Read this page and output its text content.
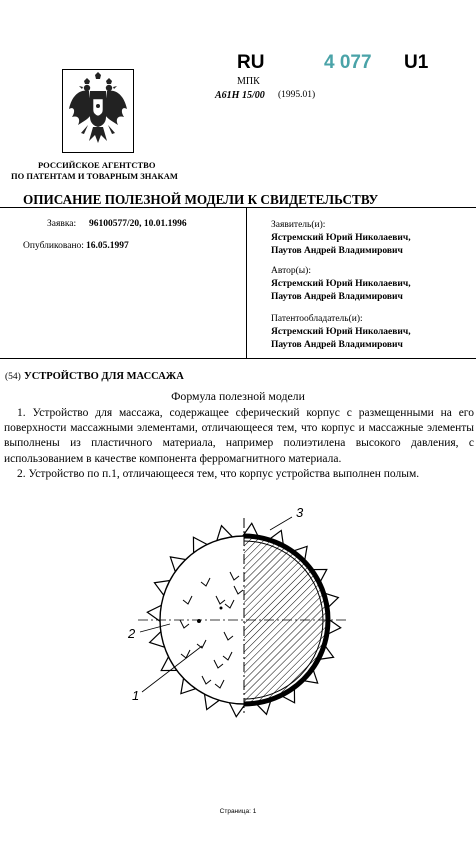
RU	4 077 U1
МПК
A61H 15/00 (1995.01)
РОССИЙСКОЕ АГЕНТСТВО
ПО ПАТЕНТАМ И ТОВАРНЫМ ЗНАКАМ
ОПИСАНИЕ ПОЛЕЗНОЙ МОДЕЛИ К СВИДЕТЕЛЬСТВУ
Заявка: 96100577/20, 10.01.1996
Опубликовано: 16.05.1997
Заявитель(и):
Ястремский Юрий Николаевич,
Паутов Андрей Владимирович
Автор(ы):
Ястремский Юрий Николаевич,
Паутов Андрей Владимирович
Патентообладатель(и):
Ястремский Юрий Николаевич,
Паутов Андрей Владимирович
(54) УСТРОЙСТВО ДЛЯ МАССАЖА
Формула полезной модели

1. Устройство для массажа, содержащее сферический корпус с размещенными на его поверхности массажными элементами, отличающееся тем, что корпус и массажные элементы выполнены из пластичного материала, например полиэтилена высокого давления, с использованием в качестве компонента ферромагнитного материала.

2. Устройство по п.1, отличающееся тем, что корпус устройства выполнен полым.

3
2
1
Страница: 1
